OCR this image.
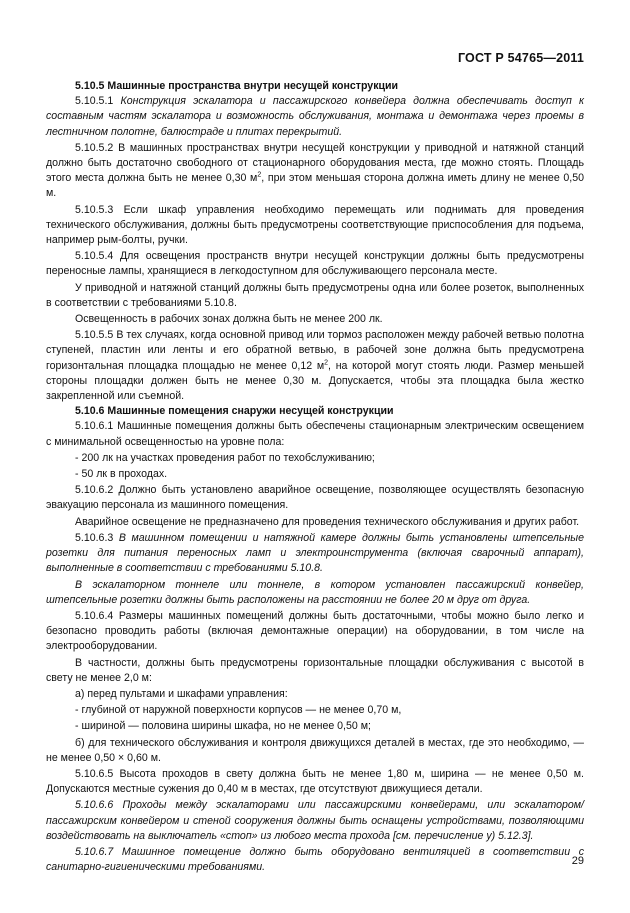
ГОСТ Р 54765—2011

5.10.5 Машинные пространства внутри несущей конструкции

5.10.5.1 Конструкция эскалатора и пассажирского конвейера должна обеспечивать доступ к составным частям эскалатора и возможность обслуживания, монтажа и демонтажа через проемы в лестничном полотне, балюстраде и плитах перекрытий.

5.10.5.2 В машинных пространствах внутри несущей конструкции у приводной и натяжной станций должно быть достаточно свободного от стационарного оборудования места, где можно стоять. Площадь этого места должна быть не менее 0,30 $м^2$, при этом меньшая сторона должна иметь длину не менее 0,50 м.

5.10.5.3 Если шкаф управления необходимо перемещать или поднимать для проведения технического обслуживания, должны быть предусмотрены соответствующие приспособления для подъема, например рым-болты, ручки.

5.10.5.4 Для освещения пространств внутри несущей конструкции должны быть предусмотрены переносные лампы, хранящиеся в легкодоступном для обслуживающего персонала месте.

У приводной и натяжной станций должны быть предусмотрены одна или более розеток, выполненных в соответствии с требованиями 5.10.8.

Освещенность в рабочих зонах должна быть не менее 200 лк.

5.10.5.5 В тех случаях, когда основной привод или тормоз расположен между рабочей ветвью полотна ступеней, пластин или ленты и его обратной ветвью, в рабочей зоне должна быть предусмотрена горизонтальная площадка площадью не менее 0,12 $м^2$, на которой могут стоять люди. Размер меньшей стороны площадки должен быть не менее 0,30 м. Допускается, чтобы эта площадка была жестко закрепленной или съемной.

5.10.6 Машинные помещения снаружи несущей конструкции

5.10.6.1 Машинные помещения должны быть обеспечены стационарным электрическим освещением с минимальной освещенностью на уровне пола:

- 200 лк на участках проведения работ по техобслуживанию;

- 50 лк в проходах.

5.10.6.2 Должно быть установлено аварийное освещение, позволяющее осуществлять безопасную эвакуацию персонала из машинного помещения.

Аварийное освещение не предназначено для проведения технического обслуживания и других работ.

5.10.6.3 В машинном помещении и натяжной камере должны быть установлены штепсельные розетки для питания переносных ламп и электроинструмента (включая сварочный аппарат), выполненные в соответствии с требованиями 5.10.8.

В эскалаторном тоннеле или тоннеле, в котором установлен пассажирский конвейер, штепсельные розетки должны быть расположены на расстоянии не более 20 м друг от друга.

5.10.6.4 Размеры машинных помещений должны быть достаточными, чтобы можно было легко и безопасно проводить работы (включая демонтажные операции) на оборудовании, в том числе на электрооборудовании.

В частности, должны быть предусмотрены горизонтальные площадки обслуживания с высотой в свету не менее 2,0 м:

а) перед пультами и шкафами управления:

- глубиной от наружной поверхности корпусов — не менее 0,70 м,

- шириной — половина ширины шкафа, но не менее 0,50 м;

б) для технического обслуживания и контроля движущихся деталей в местах, где это необходимо, — не менее 0,50 × 0,60 м.

5.10.6.5 Высота проходов в свету должна быть не менее 1,80 м, ширина — не менее 0,50 м. Допускаются местные сужения до 0,40 м в местах, где отсутствуют движущиеся детали.

5.10.6.6 Проходы между эскалаторами или пассажирскими конвейерами, или эскалатором/пассажирским конвейером и стеной сооружения должны быть оснащены устройствами, позволяющими воздействовать на выключатель «стоп» из любого места прохода [см. перечисление у) 5.12.3].

5.10.6.7 Машинное помещение должно быть оборудовано вентиляцией в соответствии с санитарно-гигиеническими требованиями.

29
